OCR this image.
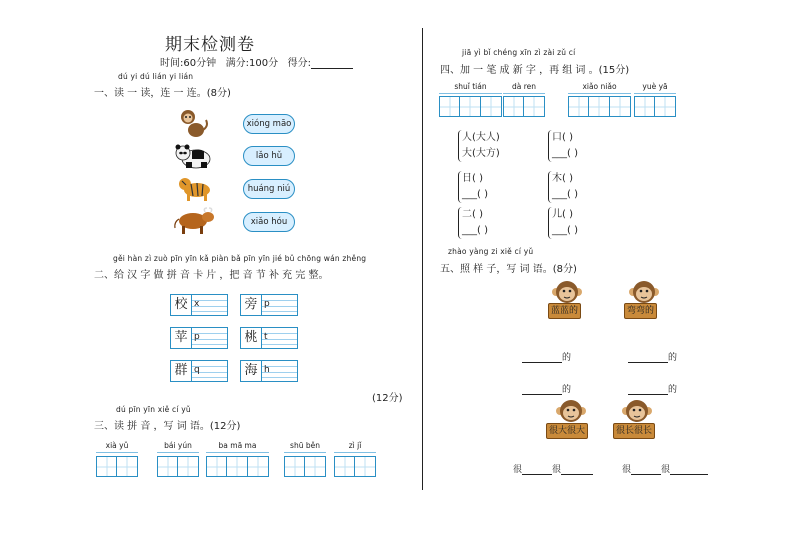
期末检测卷
时间:60分钟 满分:100分 得分:
dú yi dú lián yi lián
一、读 一 读，连 一 连。(8分)
xióng māo
lǎo hǔ
huáng niú
xiǎo hóu
gěi hàn zì zuò pīn yīn kǎ piàn bǎ pīn yīn jié bǔ chōng wán zhěng
二、给 汉 字 做 拼 音 卡 片 ，把 音 节 补 充 完 整。
校 x	旁 p
苹 p	桃 t
群 q	海 h
(12分)
dú pīn yīn xiě cí yǔ
三、读 拼 音 ，写 词 语。(12分)
xià yǔ	bái yún	ba mā ma	shū běn	zì jǐ
jiā yì bǐ chéng xīn zì zài zǔ cí
四、加 一 笔 成 新 字 ，再 组 词 。(15分)
shuǐ tián	dà ren	xiǎo niǎo	yuè yā
人(大人)
大(大方)
口( )
___( )
日( )
___( )
木( )
___( )
二( )
___( )
儿( )
___( )
zhào yàng zi xiě cí yǔ
五、照 样 子，写 词 语。(8分)
蓝蓝的	弯弯的
的	的
的	的
很大很大	很长很长
很	很	很	很
